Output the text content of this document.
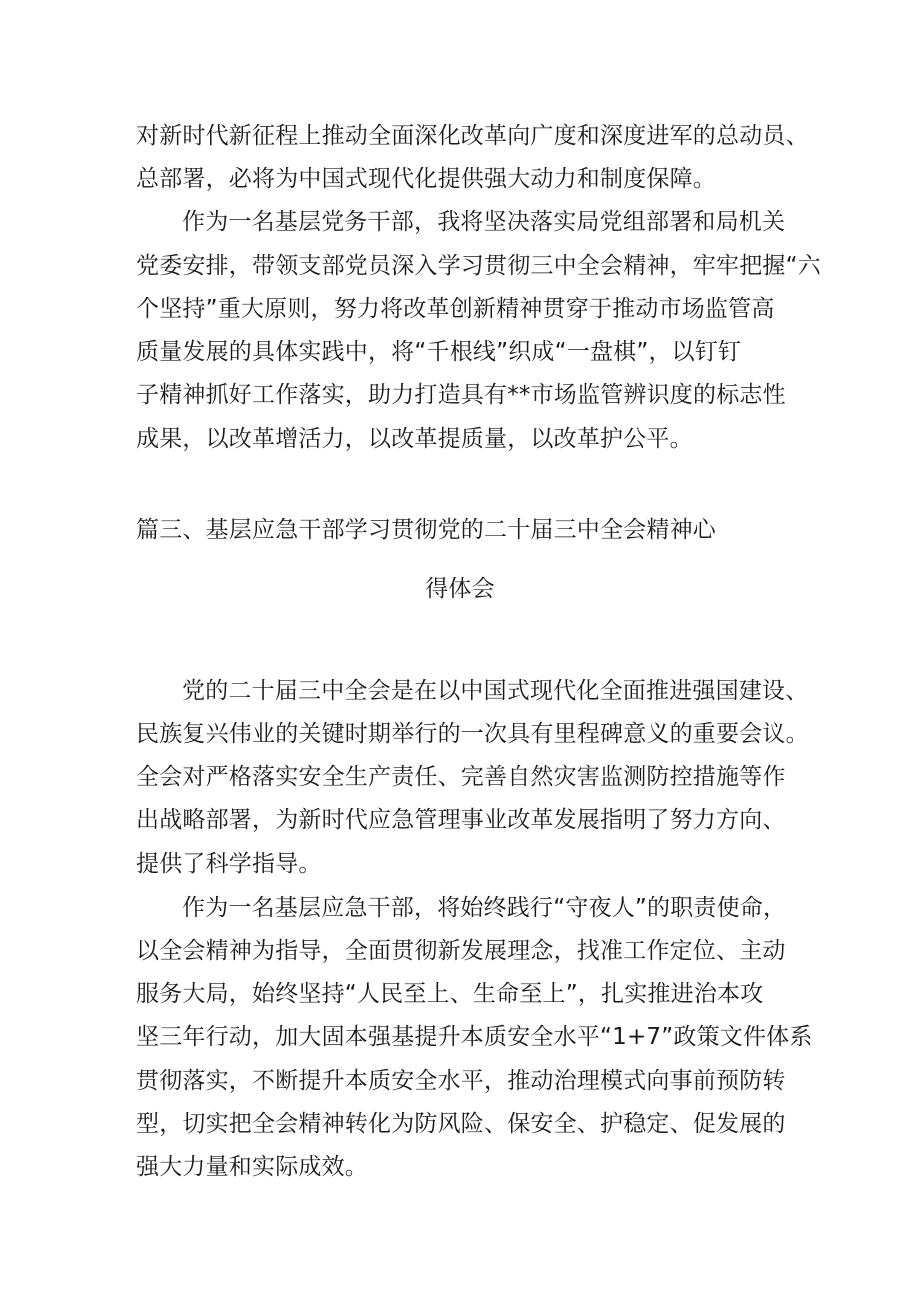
对新时代新征程上推动全面深化改革向广度和深度进军的总动员、
总部署，必将为中国式现代化提供强大动力和制度保障。
作为一名基层党务干部，我将坚决落实局党组部署和局机关
党委安排，带领支部党员深入学习贯彻三中全会精神，牢牢把握“六
个坚持”重大原则，努力将改革创新精神贯穿于推动市场监管高
质量发展的具体实践中，将“千根线”织成“一盘棋”，以钉钉
子精神抓好工作落实，助力打造具有**市场监管辨识度的标志性
成果，以改革增活力，以改革提质量，以改革护公平。
篇三、基层应急干部学习贯彻党的二十届三中全会精神心
得体会
党的二十届三中全会是在以中国式现代化全面推进强国建设、
民族复兴伟业的关键时期举行的一次具有里程碑意义的重要会议。
全会对严格落实安全生产责任、完善自然灾害监测防控措施等作
出战略部署，为新时代应急管理事业改革发展指明了努力方向、
提供了科学指导。
作为一名基层应急干部，将始终践行“守夜人”的职责使命，
以全会精神为指导，全面贯彻新发展理念，找准工作定位、主动
服务大局，始终坚持“人民至上、生命至上”，扎实推进治本攻
坚三年行动，加大固本强基提升本质安全水平“1+7”政策文件体系
贯彻落实，不断提升本质安全水平，推动治理模式向事前预防转
型，切实把全会精神转化为防风险、保安全、护稳定、促发展的
强大力量和实际成效。
